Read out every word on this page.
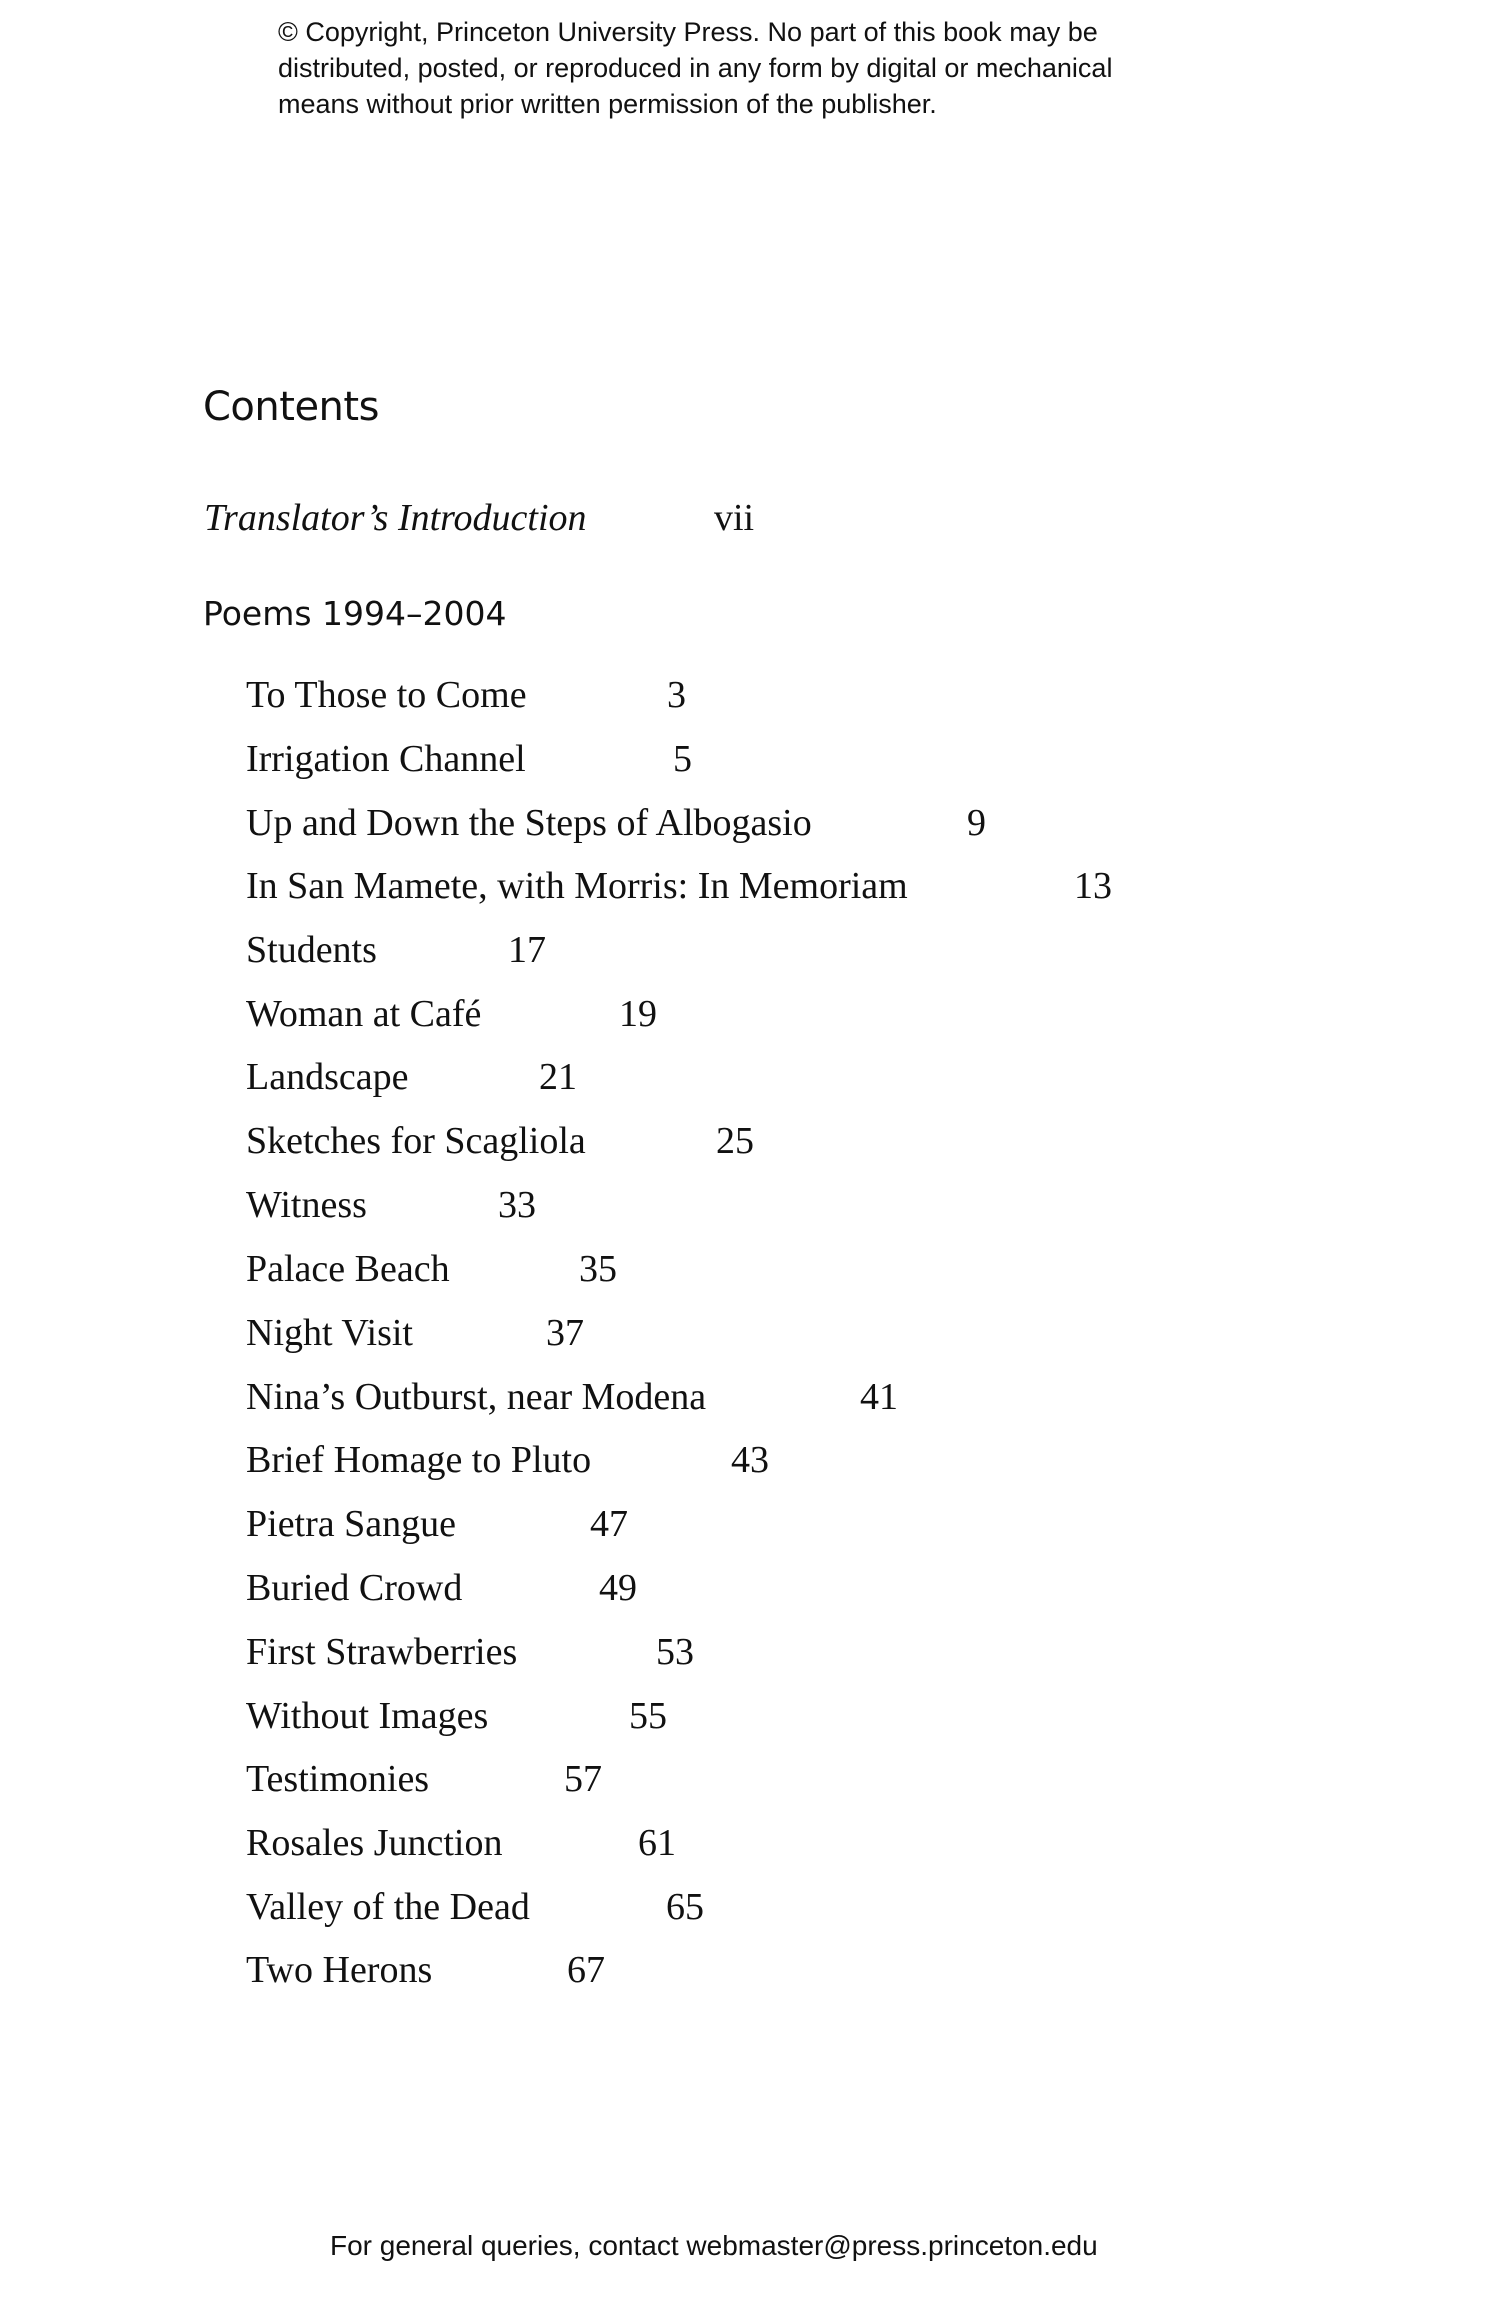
© Copyright, Princeton University Press. No part of this book may be
distributed, posted, or reproduced in any form by digital or mechanical
means without prior written permission of the publisher.
Contents
Translator’s Introduction	vii
Poems 1994–2004
To Those to Come	3
Irrigation Channel	5
Up and Down the Steps of Albogasio	9
In San Mamete, with Morris: In Memoriam	13
Students	17
Woman at Café	19
Landscape	21
Sketches for Scagliola	25
Witness	33
Palace Beach	35
Night Visit	37
Nina’s Outburst, near Modena	41
Brief Homage to Pluto	43
Pietra Sangue	47
Buried Crowd	49
First Strawberries	53
Without Images	55
Testimonies	57
Rosales Junction	61
Valley of the Dead	65
Two Herons	67
For general queries, contact webmaster@press.princeton.edu
